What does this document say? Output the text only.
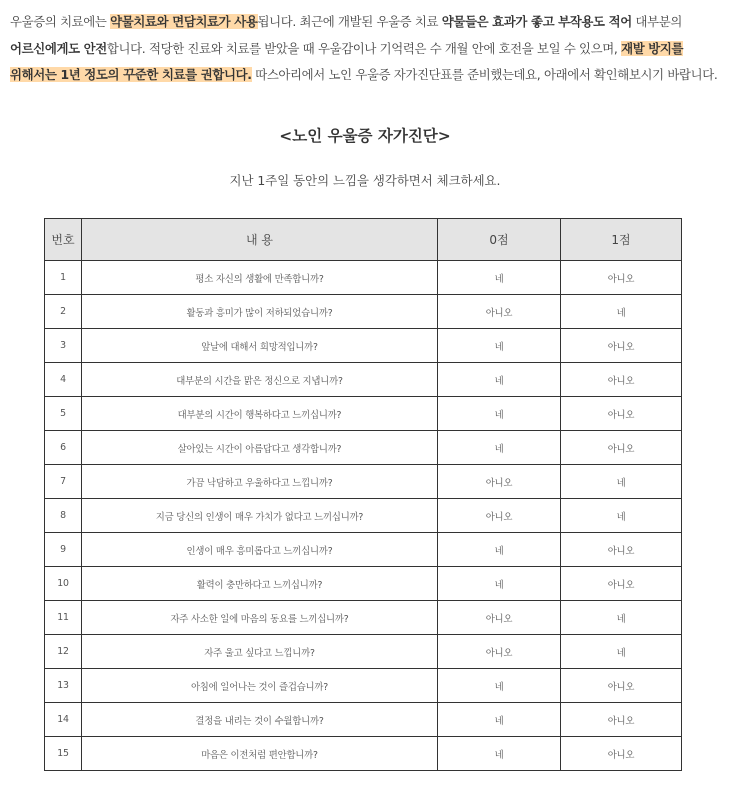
우울증의 치료에는 약물치료와 면담치료가 사용됩니다. 최근에 개발된 우울증 치료 약물들은 효과가 좋고 부작용도 적어 대부분의 어르신에게도 안전합니다. 적당한 진료와 치료를 받았을 때 우울감이나 기억력은 수 개월 안에 호전을 보일 수 있으며, 재발 방지를 위해서는 1년 정도의 꾸준한 치료를 권합니다. 따스아리에서 노인 우울증 자가진단표를 준비했는데요, 아래에서 확인해보시기 바랍니다.

<노인 우울증 자가진단>
지난 1주일 동안의 느낌을 생각하면서 체크하세요.
번호	내 용	0점	1점
1	평소 자신의 생활에 만족합니까?	네	아니오
2	활동과 흥미가 많이 저하되었습니까?	아니오	네
3	앞날에 대해서 희망적입니까?	네	아니오
4	대부분의 시간을 맑은 정신으로 지냅니까?	네	아니오
5	대부분의 시간이 행복하다고 느끼십니까?	네	아니오
6	살아있는 시간이 아름답다고 생각합니까?	네	아니오
7	가끔 낙담하고 우울하다고 느낍니까?	아니오	네
8	지금 당신의 인생이 매우 가치가 없다고 느끼십니까?	아니오	네
9	인생이 매우 흥미롭다고 느끼십니까?	네	아니오
10	활력이 충만하다고 느끼십니까?	네	아니오
11	자주 사소한 일에 마음의 동요를 느끼십니까?	아니오	네
12	자주 울고 싶다고 느낍니까?	아니오	네
13	아침에 일어나는 것이 즐겁습니까?	네	아니오
14	결정을 내리는 것이 수월합니까?	네	아니오
15	마음은 이전처럼 편안합니까?	네	아니오
